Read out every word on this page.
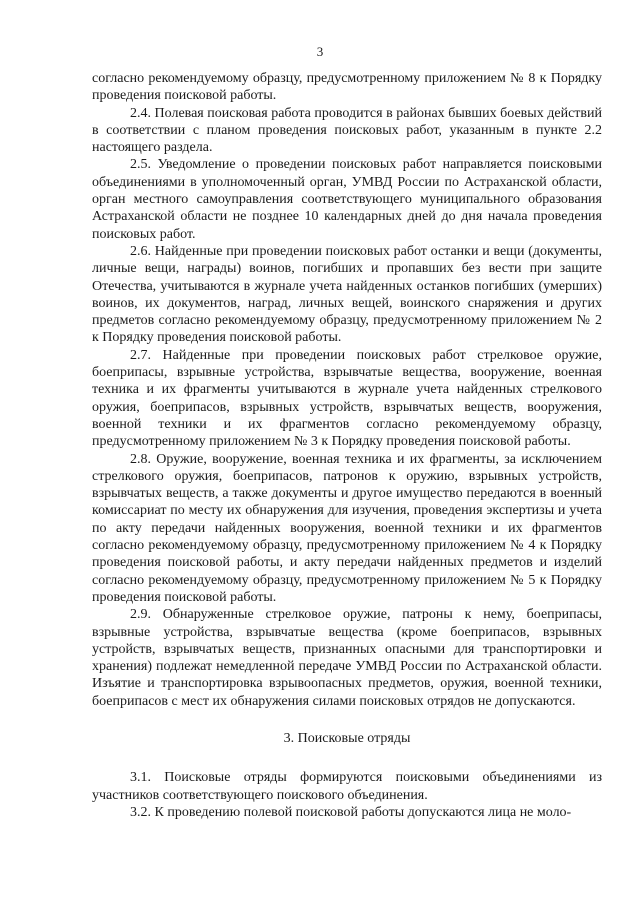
3

согласно рекомендуемому образцу, предусмотренному приложением № 8 к Порядку проведения поисковой работы.

2.4. Полевая поисковая работа проводится в районах бывших боевых действий в соответствии с планом проведения поисковых работ, указанным в пункте 2.2 настоящего раздела.

2.5. Уведомление о проведении поисковых работ направляется поисковыми объединениями в уполномоченный орган, УМВД России по Астраханской области, орган местного самоуправления соответствующего муниципального образования Астраханской области не позднее 10 календарных дней до дня начала проведения поисковых работ.

2.6. Найденные при проведении поисковых работ останки и вещи (документы, личные вещи, награды) воинов, погибших и пропавших без вести при защите Отечества, учитываются в журнале учета найденных останков погибших (умерших) воинов, их документов, наград, личных вещей, воинского снаряжения и других предметов согласно рекомендуемому образцу, предусмотренному приложением № 2 к Порядку проведения поисковой работы.

2.7. Найденные при проведении поисковых работ стрелковое оружие, боеприпасы, взрывные устройства, взрывчатые вещества, вооружение, военная техника и их фрагменты учитываются в журнале учета найденных стрелкового оружия, боеприпасов, взрывных устройств, взрывчатых веществ, вооружения, военной техники и их фрагментов согласно рекомендуемому образцу, предусмотренному приложением № 3 к Порядку проведения поисковой работы.

2.8. Оружие, вооружение, военная техника и их фрагменты, за исключением стрелкового оружия, боеприпасов, патронов к оружию, взрывных устройств, взрывчатых веществ, а также документы и другое имущество передаются в военный комиссариат по месту их обнаружения для изучения, проведения экспертизы и учета по акту передачи найденных вооружения, военной техники и их фрагментов согласно рекомендуемому образцу, предусмотренному приложением № 4 к Порядку проведения поисковой работы, и акту передачи найденных предметов и изделий согласно рекомендуемому образцу, предусмотренному приложением № 5 к Порядку проведения поисковой работы.

2.9. Обнаруженные стрелковое оружие, патроны к нему, боеприпасы, взрывные устройства, взрывчатые вещества (кроме боеприпасов, взрывных устройств, взрывчатых веществ, признанных опасными для транспортировки и хранения) подлежат немедленной передаче УМВД России по Астраханской области. Изъятие и транспортировка взрывоопасных предметов, оружия, военной техники, боеприпасов с мест их обнаружения силами поисковых отрядов не допускаются.

3. Поисковые отряды

3.1. Поисковые отряды формируются поисковыми объединениями из участников соответствующего поискового объединения.

3.2. К проведению полевой поисковой работы допускаются лица не моло-
